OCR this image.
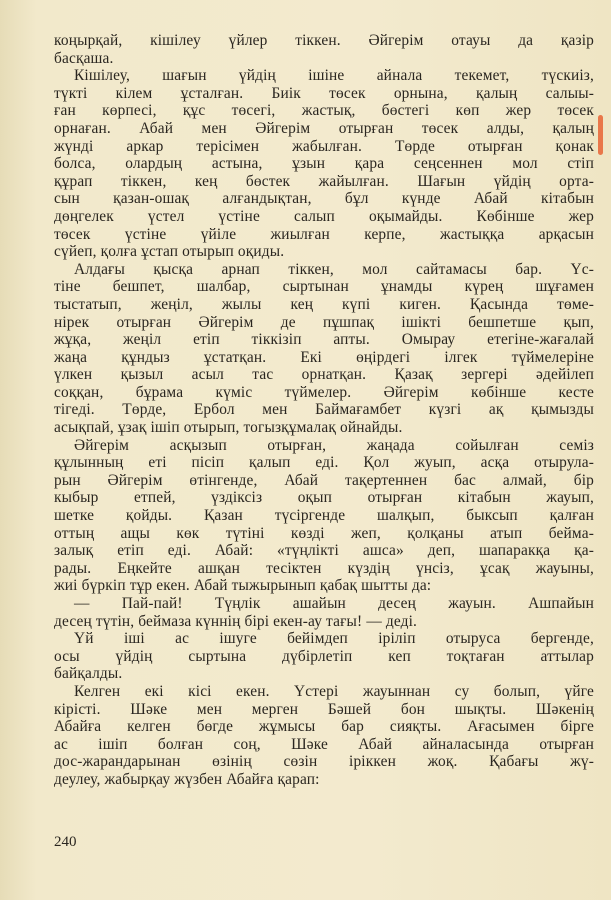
коңырқай, кішілеу үйлер тіккен. Әйгерім отауы да қазір
басқаша.
Кішілеу, шағын үйдің ішіне айнала текемет, түскиіз,
түкті кілем ұсталған. Биік төсек орнына, қалың салыы-
ған көрпесі, құс төсегі, жастық, бөстегі көп жер төсек
орнаған. Абай мен Әйгерім отырған төсек алды, қалың
жүнді аркар терісімен жабылған. Төрде отырған қонак
болса, олардың астына, ұзын қара сеңсеннен мол стіп
құрап тіккен, кең бөстек жайылған. Шағын үйдің орта-
сын қазан-ошақ алғандықтан, бұл күнде Абай кітабын
дөңгелек үстел үстіне салып оқымайды. Көбінше жер
төсек үстіне үйіле жиылған керпе, жастыққа арқасын
сүйеп, қолға ұстап отырып оқиды.
Алдағы қысқа арнап тіккен, мол сайтамасы бар. Үс-
тіне бешпет, шалбар, сыртынан ұнамды күрең шұғамен
тыстатып, жеңіл, жылы кең күпі киген. Қасында төме-
нірек отырған Әйгерім де пұшпақ ішікті бешпетше қып,
жұқа, жеңіл етіп тіккізіп апты. Омырау етегіне-жағалай
жаңа құндыз ұстатқан. Екі өңірдегі ілгек түймелеріне
үлкен қызыл асыл тас орнатқан. Қазақ зергері әдейілеп
соққан, бұрама күміс түймелер. Әйгерім көбінше кесте
тігеді. Төрде, Ербол мен Баймағамбет күзгі ақ қымызды
асықпай, ұзақ ішіп отырып, тогызқұмалақ ойнайды.
Әйгерім асқызып отырған, жаңада сойылған семіз
құлынның еті пісіп қалып еді. Қол жуып, асқа отырула-
рын Әйгерім өтінгенде, Абай тақертеннен бас алмай, бір
кыбыр етпей, үздіксіз оқып отырған кітабын жауып,
шетке қойды. Қазан түсіргенде шалқып, быксып қалған
оттың ащы көк түтіні көзді жеп, қолқаны атып беймa-
залық етіп еді. Абай: «түңлікті ашса» деп, шапаракқа қа-
рады. Еңкейте ашқан тесіктен күздің үнсіз, ұсақ жауыны,
жиі бүркіп тұр екен. Абай тыжырынып қабақ шытты да:
— Пай-пай! Түңлік ашайын десең жауын. Ашпайын
десең түтін, беймаза күннің бірі екен-ау тағы! — деді.
Үй іші ас ішуге бейімдеп іріліп отыруса бергенде,
осы үйдің сыртына дүбірлетіп кеп тоқтаған аттылар
байқалды.
Келген екі кісі екен. Үстері жауыннан су болып, үйге
кірісті. Шәке мен мерген Бәшей бон шықты. Шәкенің
Абайға келген бөгде жұмысы бар сияқты. Ағасымен бірге
ас ішіп болған соң, Шәке Абай айналасында отырған
дос-жарандарынан өзінің сөзін іріккен жоқ. Қабағы жү-
деулеу, жабырқау жүзбен Абайға қарап:
240
